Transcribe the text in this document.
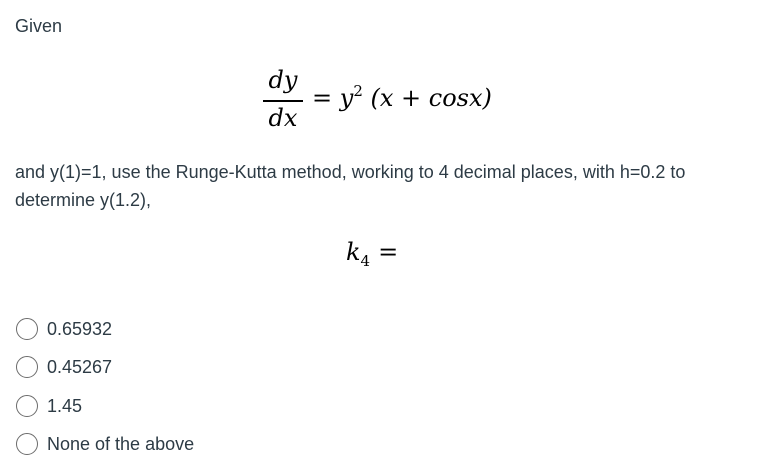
Given
dy
dx
= $y^2$ (x + cosx)
and y(1)=1, use the Runge-Kutta method, working to 4 decimal places, with h=0.2 to determine y(1.2),
$k_4$ =
0.65932
0.45267
1.45
None of the above
